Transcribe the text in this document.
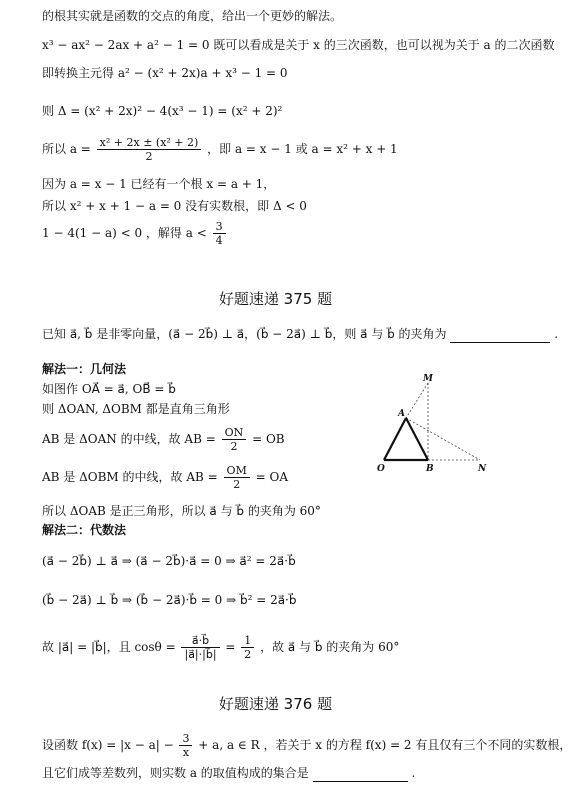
的根其实就是函数的交点的角度，给出一个更妙的解法。
x³ − ax² − 2ax + a² − 1 = 0 既可以看成是关于 x 的三次函数，也可以视为关于 a 的二次函数
即转换主元得 a² − (x² + 2x)a + x³ − 1 = 0
则 Δ = (x² + 2x)² − 4(x³ − 1) = (x² + 2)²
所以 $a = \frac{\text{x² + 2x ± (x² + 2)}}{2}$ ，即 a = x − 1 或 a = x² + x + 1
因为 a = x − 1 已经有一个根 x = a + 1，
所以 x² + x + 1 − a = 0 没有实数根，即 Δ < 0
1 − 4(1 − a) < 0 ，解得 $a < \frac{3}{4}$
好题速递 375 题
已知 a⃗, b⃗ 是非零向量，(a⃗ − 2b⃗) ⊥ a⃗，(b⃗ − 2a⃗) ⊥ b⃗，则 a⃗ 与 b⃗ 的夹角为	.
解法一：几何法
如图作 OA⃗ = a⃗, OB⃗ = b⃗
则 ΔOAN, ΔOBM 都是直角三角形
AB 是 ΔOAN 的中线，故 AB = $\frac{ON}{2}$ = OB
AB 是 ΔOBM 的中线，故 AB = $\frac{OM}{2}$ = OA
所以 ΔOAB 是正三角形，所以 a⃗ 与 b⃗ 的夹角为 60°
解法二：代数法
(a⃗ − 2b⃗) ⊥ a⃗ ⇒ (a⃗ − 2b⃗)·a⃗ = 0 ⇒ a⃗² = 2a⃗·b⃗
(b⃗ − 2a⃗) ⊥ b⃗ ⇒ (b⃗ − 2a⃗)·b⃗ = 0 ⇒ b⃗² = 2a⃗·b⃗
故 |a⃗| = |b⃗|，且 $\cos\theta = \frac{a⃗\cdot b⃗}{|a⃗|\cdot|b⃗|} = \frac{1}{2}$ ，故 a⃗ 与 b⃗ 的夹角为 60°
M
A
O	B	N
好题速递 376 题
设函数 $f(x) = |x - a| - \frac{3}{x} + a$, a ∈ R ，若关于 x 的方程 f(x) = 2 有且仅有三个不同的实数根，
且它们成等差数列，则实数 a 的取值构成的集合是	.
